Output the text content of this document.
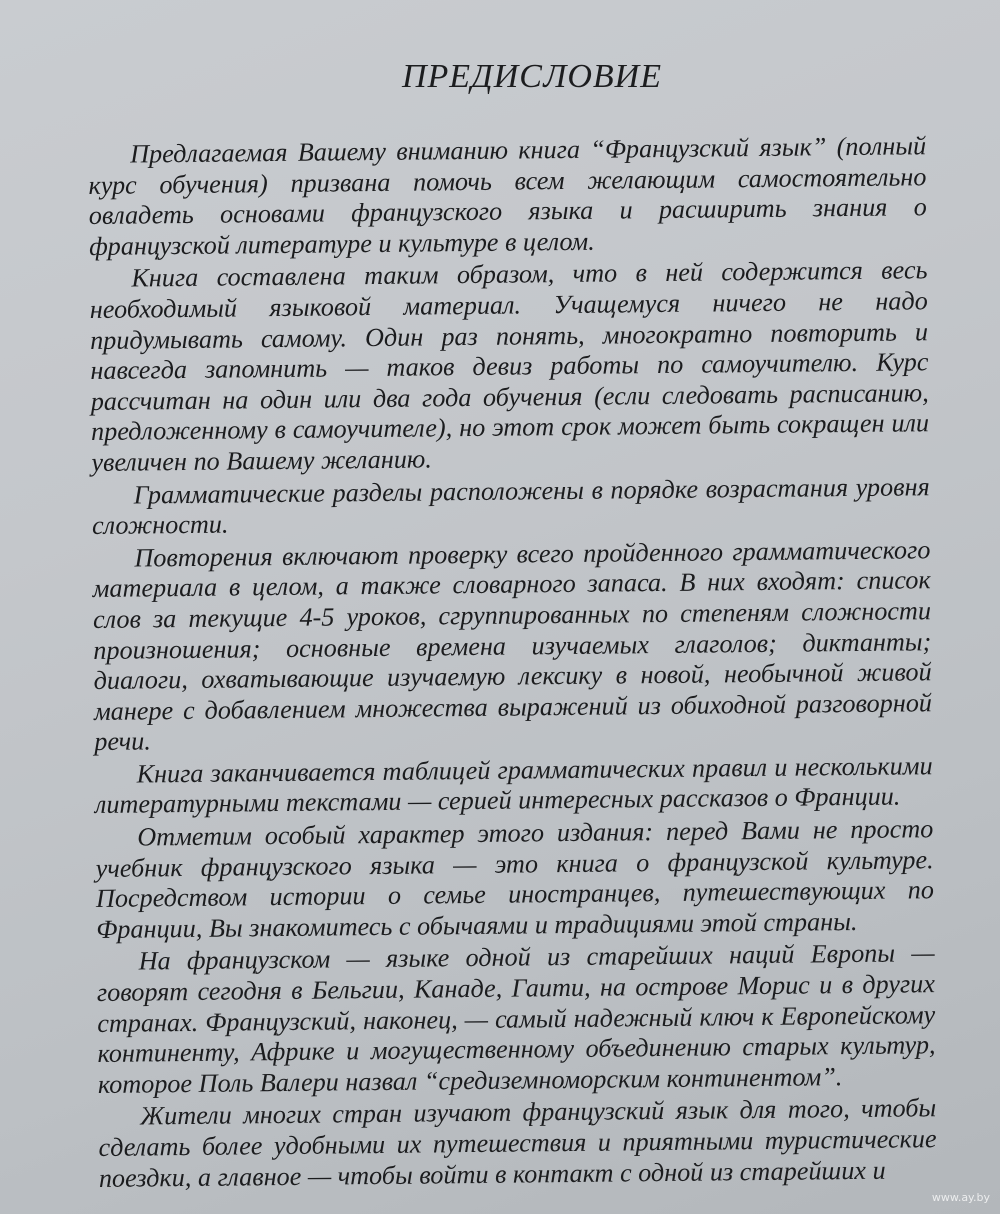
ПРЕДИСЛОВИЕ

Предлагаемая Вашему вниманию книга “Французский язык” (полный курс обучения) призвана помочь всем желающим самостоятельно овладеть основами французского языка и расширить знания о французской литературе и культуре в целом.

Книга составлена таким образом, что в ней содержится весь необходимый языковой материал. Учащемуся ничего не надо придумывать самому. Один раз понять, многократно повторить и навсегда запомнить — таков девиз работы по самоучителю. Курс рассчитан на один или два года обучения (если следовать расписанию, предложенному в самоучителе), но этот срок может быть сокращен или увеличен по Вашему желанию.

Грамматические разделы расположены в порядке возрастания уровня сложности.

Повторения включают проверку всего пройденного грамматического материала в целом, а также словарного запаса. В них входят: список слов за текущие 4-5 уроков, сгруппированных по степеням сложности произношения; основные времена изучаемых глаголов; диктанты; диалоги, охватывающие изучаемую лексику в новой, необычной живой манере с добавлением множества выражений из обиходной разговорной речи.

Книга заканчивается таблицей грамматических правил и несколькими литературными текстами — серией интересных рассказов о Франции.

Отметим особый характер этого издания: перед Вами не просто учебник французского языка — это книга о французской культуре. Посредством истории о семье иностранцев, путешествующих по Франции, Вы знакомитесь с обычаями и традициями этой страны.

На французском — языке одной из старейших наций Европы — говорят сегодня в Бельгии, Канаде, Гаити, на острове Морис и в других странах. Французский, наконец, — самый надежный ключ к Европейскому континенту, Африке и могущественному объединению старых культур, которое Поль Валери назвал “средиземноморским континентом”.

Жители многих стран изучают французский язык для того, чтобы сделать более удобными их путешествия и приятными туристические поездки, а главное — чтобы войти в контакт с одной из старейших и

www.ay.by
